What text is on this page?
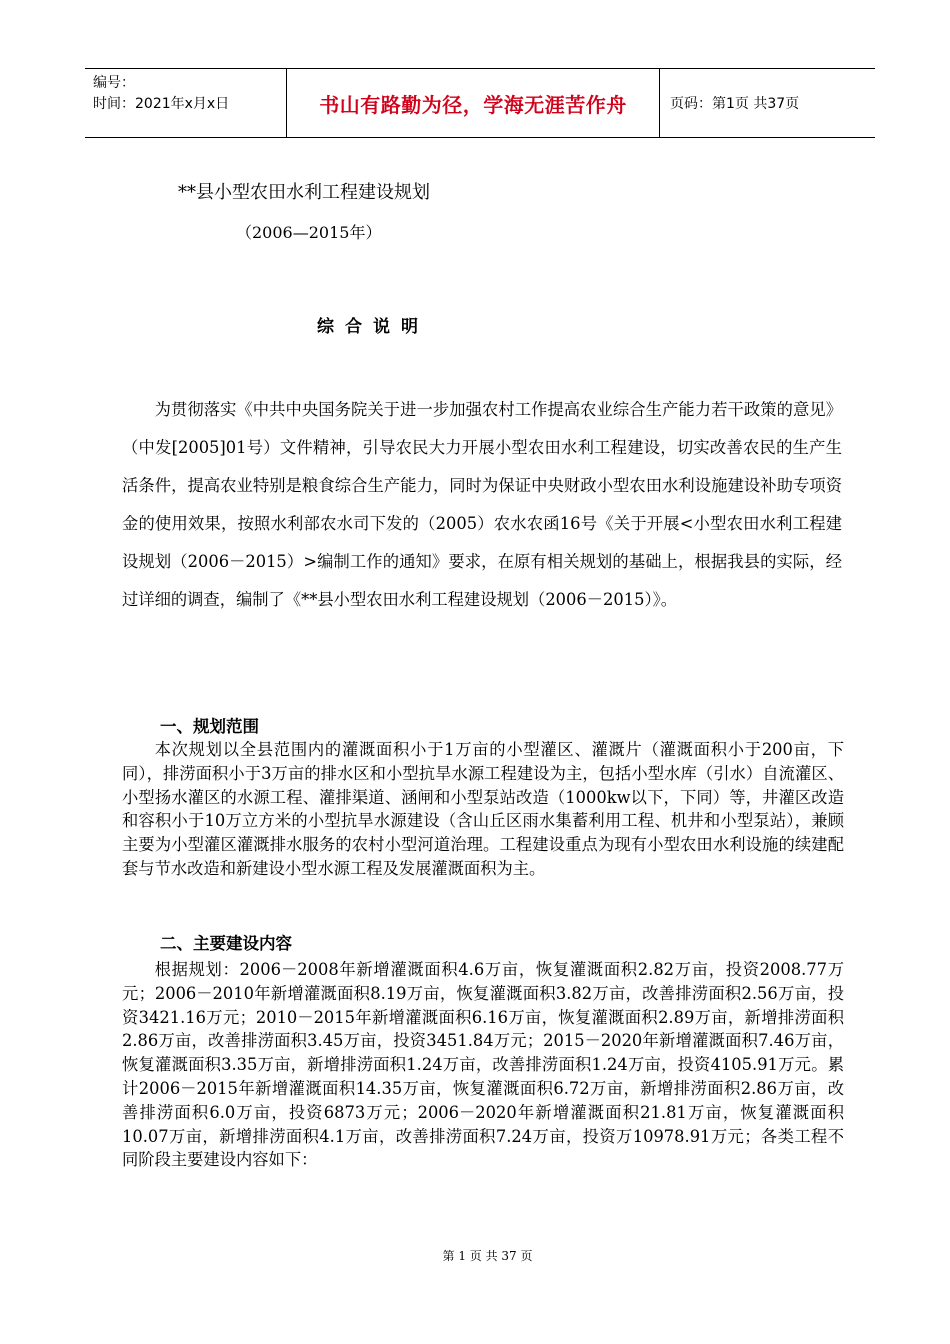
编号：
时间：2021年x月x日	书山有路勤为径，学海无涯苦作舟	页码：第1页 共37页
**县小型农田水利工程建设规划
（2006—2015年）
综合说明

为贯彻落实《中共中央国务院关于进一步加强农村工作提高农业综合生产能力若干政策的意见》（中发[2005]01号）文件精神，引导农民大力开展小型农田水利工程建设，切实改善农民的生产生活条件，提高农业特别是粮食综合生产能力，同时为保证中央财政小型农田水利设施建设补助专项资金的使用效果，按照水利部农水司下发的（2005）农水农函16号《关于开展<小型农田水利工程建设规划（2006－2015）>编制工作的通知》要求，在原有相关规划的基础上，根据我县的实际，经过详细的调查，编制了《**县小型农田水利工程建设规划（2006－2015）》。

一、规划范围

本次规划以全县范围内的灌溉面积小于1万亩的小型灌区、灌溉片（灌溉面积小于200亩，下同），排涝面积小于3万亩的排水区和小型抗旱水源工程建设为主，包括小型水库（引水）自流灌区、小型扬水灌区的水源工程、灌排渠道、涵闸和小型泵站改造（1000kw以下，下同）等，井灌区改造和容积小于10万立方米的小型抗旱水源建设（含山丘区雨水集蓄利用工程、机井和小型泵站），兼顾主要为小型灌区灌溉排水服务的农村小型河道治理。工程建设重点为现有小型农田水利设施的续建配套与节水改造和新建设小型水源工程及发展灌溉面积为主。

二、主要建设内容

根据规划：2006－2008年新增灌溉面积4.6万亩，恢复灌溉面积2.82万亩，投资2008.77万元；2006－2010年新增灌溉面积8.19万亩，恢复灌溉面积3.82万亩，改善排涝面积2.56万亩，投资3421.16万元；2010－2015年新增灌溉面积6.16万亩，恢复灌溉面积2.89万亩，新增排涝面积2.86万亩，改善排涝面积3.45万亩，投资3451.84万元；2015－2020年新增灌溉面积7.46万亩，恢复灌溉面积3.35万亩，新增排涝面积1.24万亩，改善排涝面积1.24万亩，投资4105.91万元。累计2006－2015年新增灌溉面积14.35万亩，恢复灌溉面积6.72万亩，新增排涝面积2.86万亩，改善排涝面积6.0万亩，投资6873万元；2006－2020年新增灌溉面积21.81万亩，恢复灌溉面积10.07万亩，新增排涝面积4.1万亩，改善排涝面积7.24万亩，投资万10978.91万元；各类工程不同阶段主要建设内容如下：

第 1 页 共 37 页
